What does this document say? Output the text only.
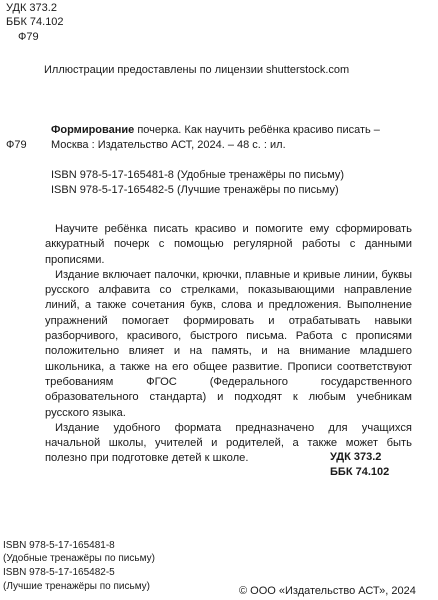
УДК 373.2
ББК 74.102
Ф79
Иллюстрации предоставлены по лицензии shutterstock.com
Ф79
Формирование почерка. Как научить ребёнка красиво писать –
Москва : Издательство АСТ, 2024. – 48 с. : ил.
ISBN 978-5-17-165481-8 (Удобные тренажёры по письму)
ISBN 978-5-17-165482-5 (Лучшие тренажёры по письму)
Научите ребёнка писать красиво и помогите ему сформировать аккуратный почерк с помощью регулярной работы с данными прописями.
Издание включает палочки, крючки, плавные и кривые линии, буквы русского алфавита со стрелками, показывающими направление линий, а также сочетания букв, слова и предложения. Выполнение упражнений помогает формировать и отрабатывать навыки разборчивого, красивого, быстрого письма. Работа с прописями положительно влияет и на память, и на внимание младшего школьника, а также на его общее развитие. Прописи соответствуют требованиям ФГОС (Федерального государственного образовательного стандарта) и подходят к любым учебникам русского языка.
Издание удобного формата предназначено для учащихся начальной школы, учителей и родителей, а также может быть полезно при подготовке детей к школе.	УДК 373.2
ББК 74.102
ISBN 978-5-17-165481-8
(Удобные тренажёры по письму)
ISBN 978-5-17-165482-5
(Лучшие тренажёры по письму)	© ООО «Издательство АСТ», 2024
